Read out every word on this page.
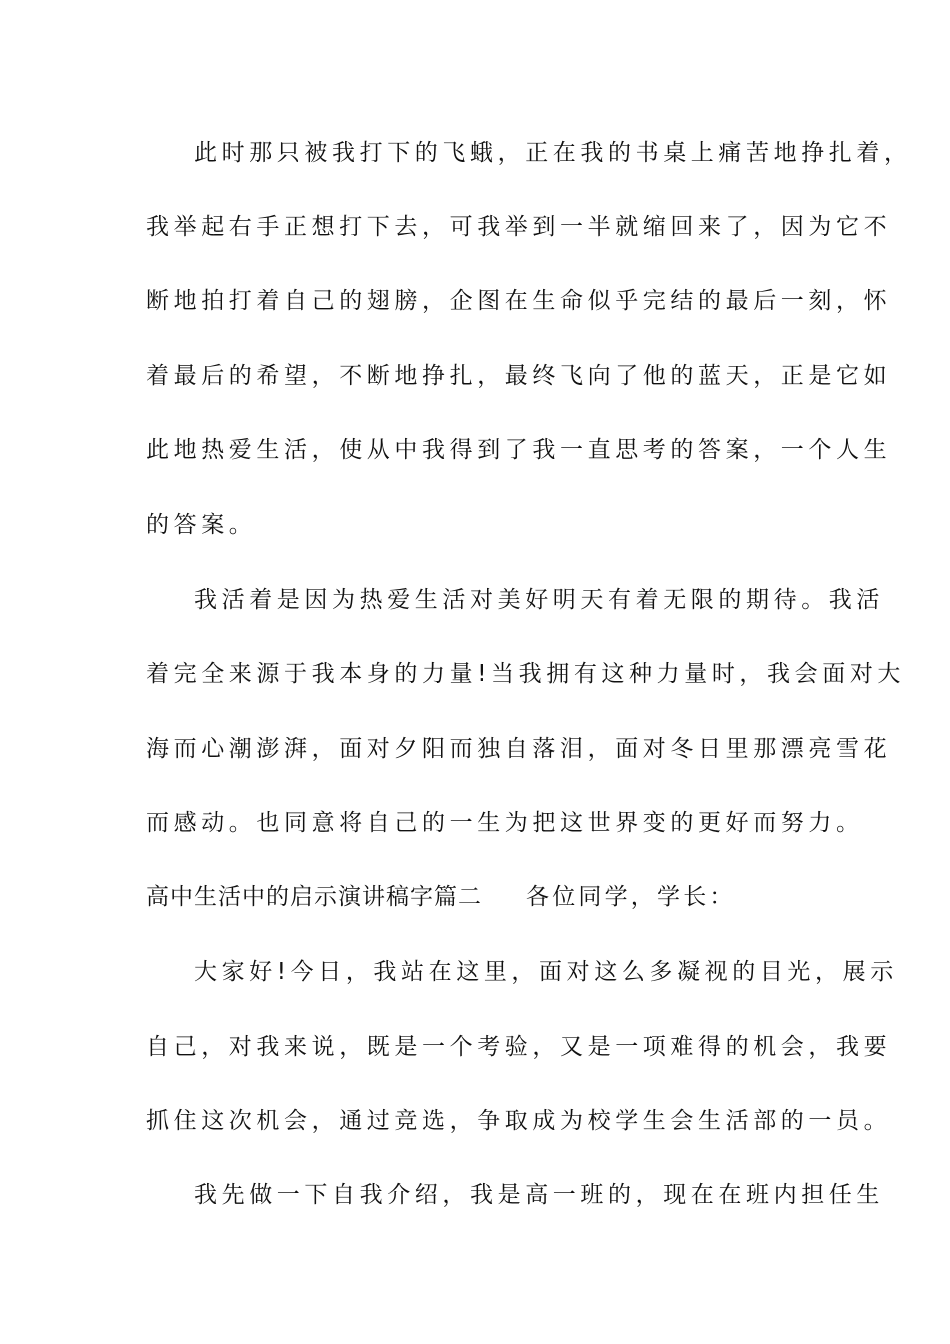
此时那只被我打下的飞蛾，正在我的书桌上痛苦地挣扎着，
我举起右手正想打下去，可我举到一半就缩回来了，因为它不
断地拍打着自己的翅膀，企图在生命似乎完结的最后一刻，怀
着最后的希望，不断地挣扎，最终飞向了他的蓝天，正是它如
此地热爱生活，使从中我得到了我一直思考的答案，一个人生
的答案。
我活着是因为热爱生活对美好明天有着无限的期待。我活
着完全来源于我本身的力量!当我拥有这种力量时，我会面对大
海而心潮澎湃，面对夕阳而独自落泪，面对冬日里那漂亮雪花
而感动。也同意将自己的一生为把这世界变的更好而努力。
高中生活中的启示演讲稿字篇二 各位同学，学长：
大家好!今日，我站在这里，面对这么多凝视的目光，展示
自己，对我来说，既是一个考验，又是一项难得的机会，我要
抓住这次机会，通过竞选，争取成为校学生会生活部的一员。
我先做一下自我介绍，我是高一班的，现在在班内担任生
